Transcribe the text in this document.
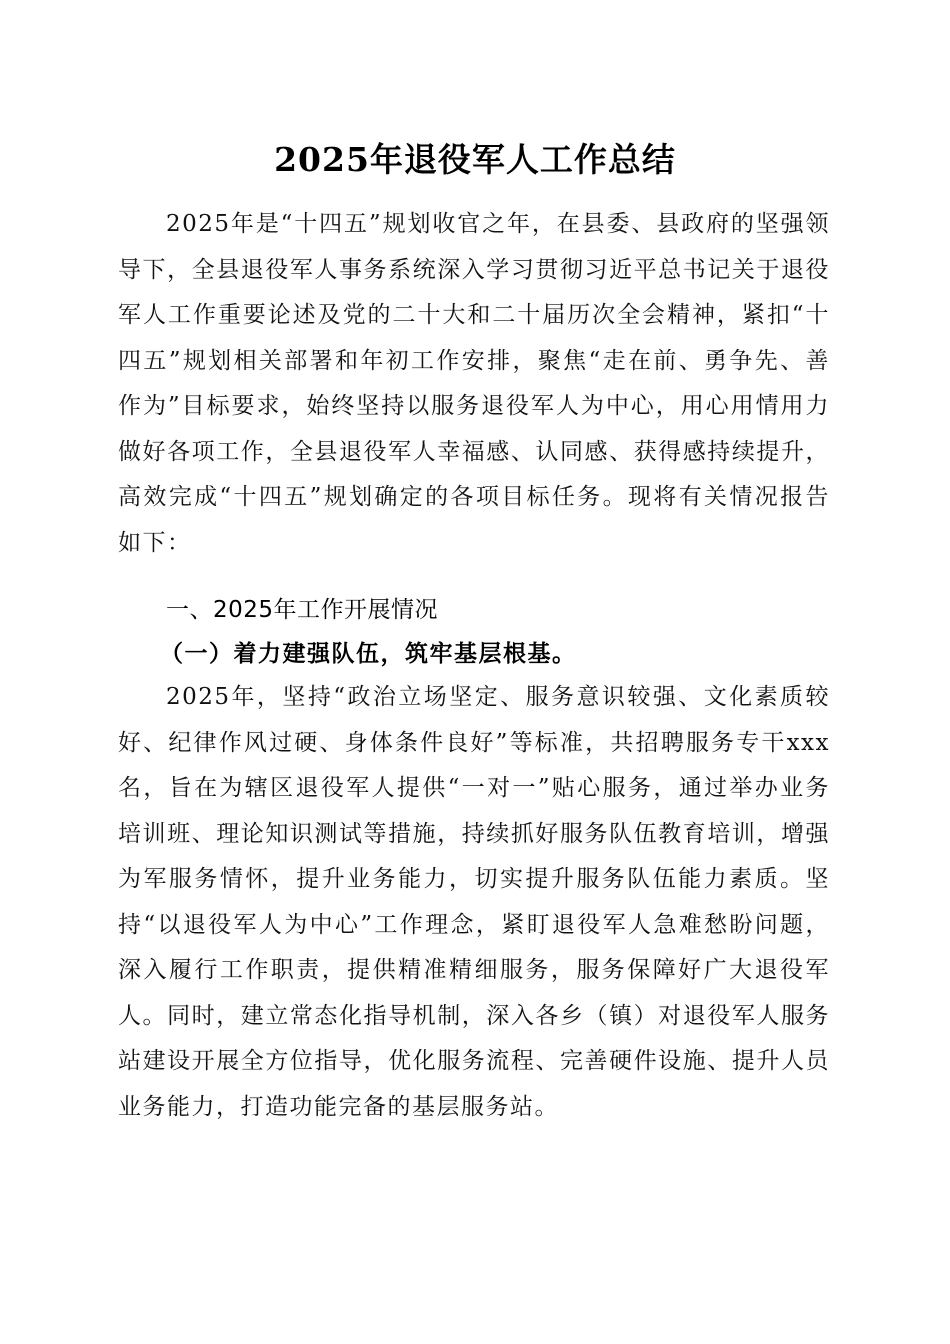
2025年退役军人工作总结
2025年是“十四五”规划收官之年，在县委、县政府的坚强领导下，全县退役军人事务系统深入学习贯彻习近平总书记关于退役军人工作重要论述及党的二十大和二十届历次全会精神，紧扣“十四五”规划相关部署和年初工作安排，聚焦“走在前、勇争先、善作为”目标要求，始终坚持以服务退役军人为中心，用心用情用力做好各项工作，全县退役军人幸福感、认同感、获得感持续提升，高效完成“十四五”规划确定的各项目标任务。现将有关情况报告如下：
一、2025年工作开展情况
（一）着力建强队伍，筑牢基层根基。
2025年，坚持“政治立场坚定、服务意识较强、文化素质较好、纪律作风过硬、身体条件良好”等标准，共招聘服务专干xxx名，旨在为辖区退役军人提供“一对一”贴心服务，通过举办业务培训班、理论知识测试等措施，持续抓好服务队伍教育培训，增强为军服务情怀，提升业务能力，切实提升服务队伍能力素质。坚持“以退役军人为中心”工作理念，紧盯退役军人急难愁盼问题，深入履行工作职责，提供精准精细服务，服务保障好广大退役军人。同时，建立常态化指导机制，深入各乡（镇）对退役军人服务站建设开展全方位指导，优化服务流程、完善硬件设施、提升人员业务能力，打造功能完备的基层服务站。
